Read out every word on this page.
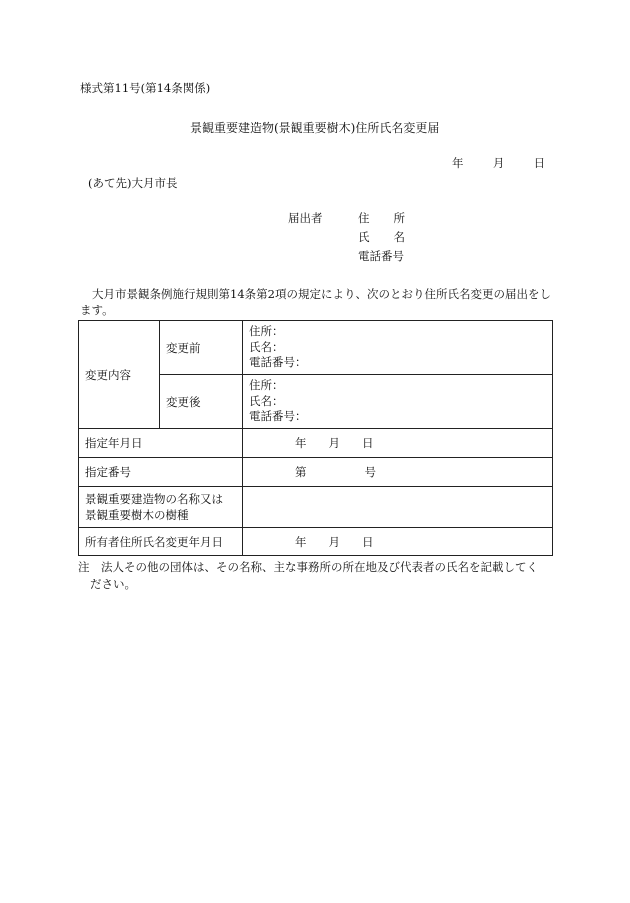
様式第11号(第14条関係)
景観重要建造物(景観重要樹木)住所氏名変更届
年	月	日
(あて先)大月市長
届出者	住 所
氏 名
電話番号
大月市景観条例施行規則第14条第2項の規定により、次のとおり住所氏名変更の届出をし
ます。
変更内容	変更前	住所：
氏名：
電話番号：

	変更後	住所：
氏名：
電話番号：

指定年月日		年 月 日
指定番号		第 号

景観重要建造物の名称又は
景観重要樹木の樹種		

所有者住所氏名変更年月日		年 月 日
注　法人その他の団体は、その名称、主な事務所の所在地及び代表者の氏名を記載してく
ださい。
